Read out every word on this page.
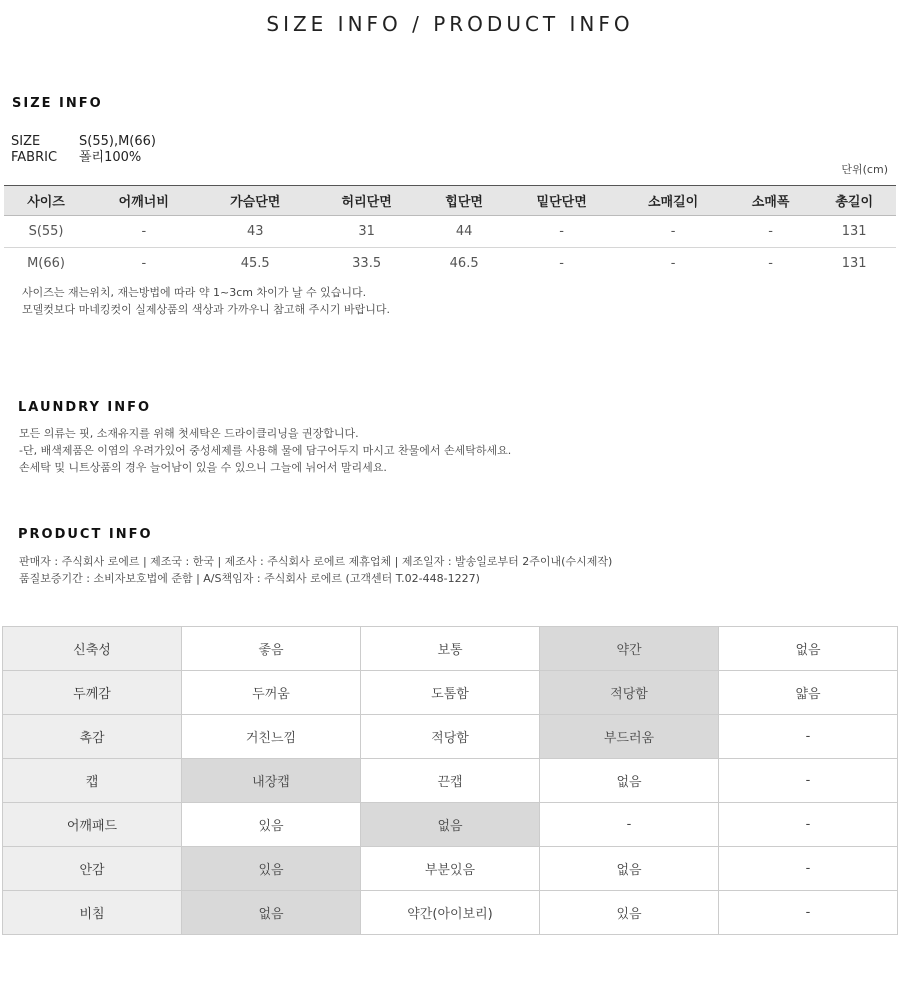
SIZE INFO / PRODUCT INFO
SIZE INFO
SIZE	S(55),M(66)
FABRIC	폴리100%
단위(cm)
사이즈	어깨너비	가슴단면	허리단면	힙단면	밑단단면	소매길이	소매폭	총길이
S(55)	-	43	31	44	-	-	-	131
M(66)	-	45.5	33.5	46.5	-	-	-	131
사이즈는 재는위치, 재는방법에 따라 약 1~3cm 차이가 날 수 있습니다.
모델컷보다 마네킹컷이 실제상품의 색상과 가까우니 참고해 주시기 바랍니다.
LAUNDRY INFO
모든 의류는 핏, 소재유지를 위해 첫세탁은 드라이클리닝을 권장합니다.
-단, 배색제품은 이염의 우려가있어 중성세제를 사용해 물에 담구어두지 마시고 찬물에서 손세탁하세요.
손세탁 및 니트상품의 경우 늘어남이 있을 수 있으니 그늘에 뉘어서 말리세요.
PRODUCT INFO
판매자 : 주식회사 로에르 | 제조국 : 한국 | 제조사 : 주식회사 로에르 제휴업체 | 제조일자 : 발송일로부터 2주이내(수시제작)
품질보증기간 : 소비자보호법에 준함 | A/S책임자 : 주식회사 로에르 (고객센터 T.02-448-1227)
신축성	좋음	보통	약간	없음
두께감	두꺼움	도톰함	적당함	얇음
촉감	거친느낌	적당함	부드러움	-
캡	내장캡	끈캡	없음	-
어깨패드	있음	없음	-	-
안감	있음	부분있음	없음	-
비침	없음	약간(아이보리)	있음	-
